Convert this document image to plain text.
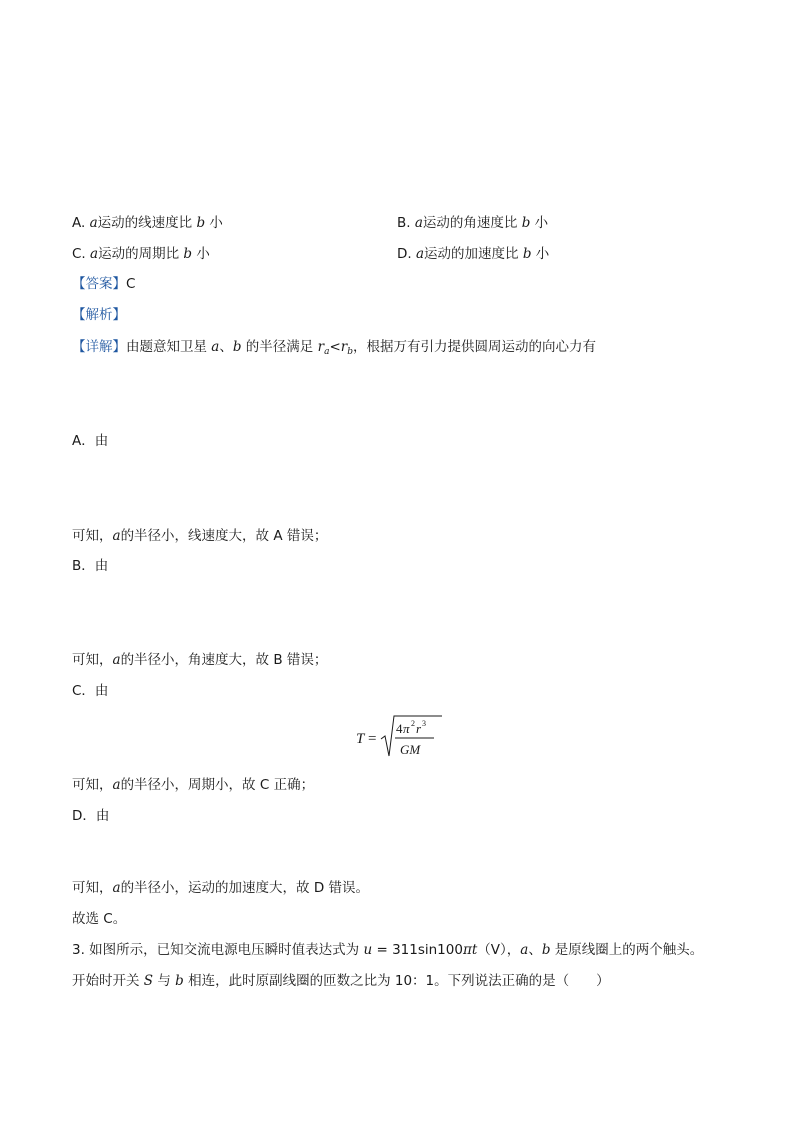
A. a运动的线速度比 b 小	B. a运动的角速度比 b 小
C. a运动的周期比 b 小	D. a运动的加速度比 b 小
【答案】C
【解析】
【详解】由题意知卫星 a、b 的半径满足 $r_a<r_b$，根据万有引力提供圆周运动的向心力有
A．由
可知，a的半径小，线速度大，故 A 错误；
B．由
可知，a的半径小，角速度大，故 B 错误；
C．由
T =
4 π 2 r 3
GM
可知，a的半径小，周期小，故 C 正确；
D．由
可知，a的半径小，运动的加速度大，故 D 错误。
故选 C。
3. 如图所示，已知交流电源电压瞬时值表达式为 u = 311sin100πt（V），a、b 是原线圈上的两个触头。
开始时开关 S 与 b 相连，此时原副线圈的匝数之比为 10：1。下列说法正确的是（　　）
